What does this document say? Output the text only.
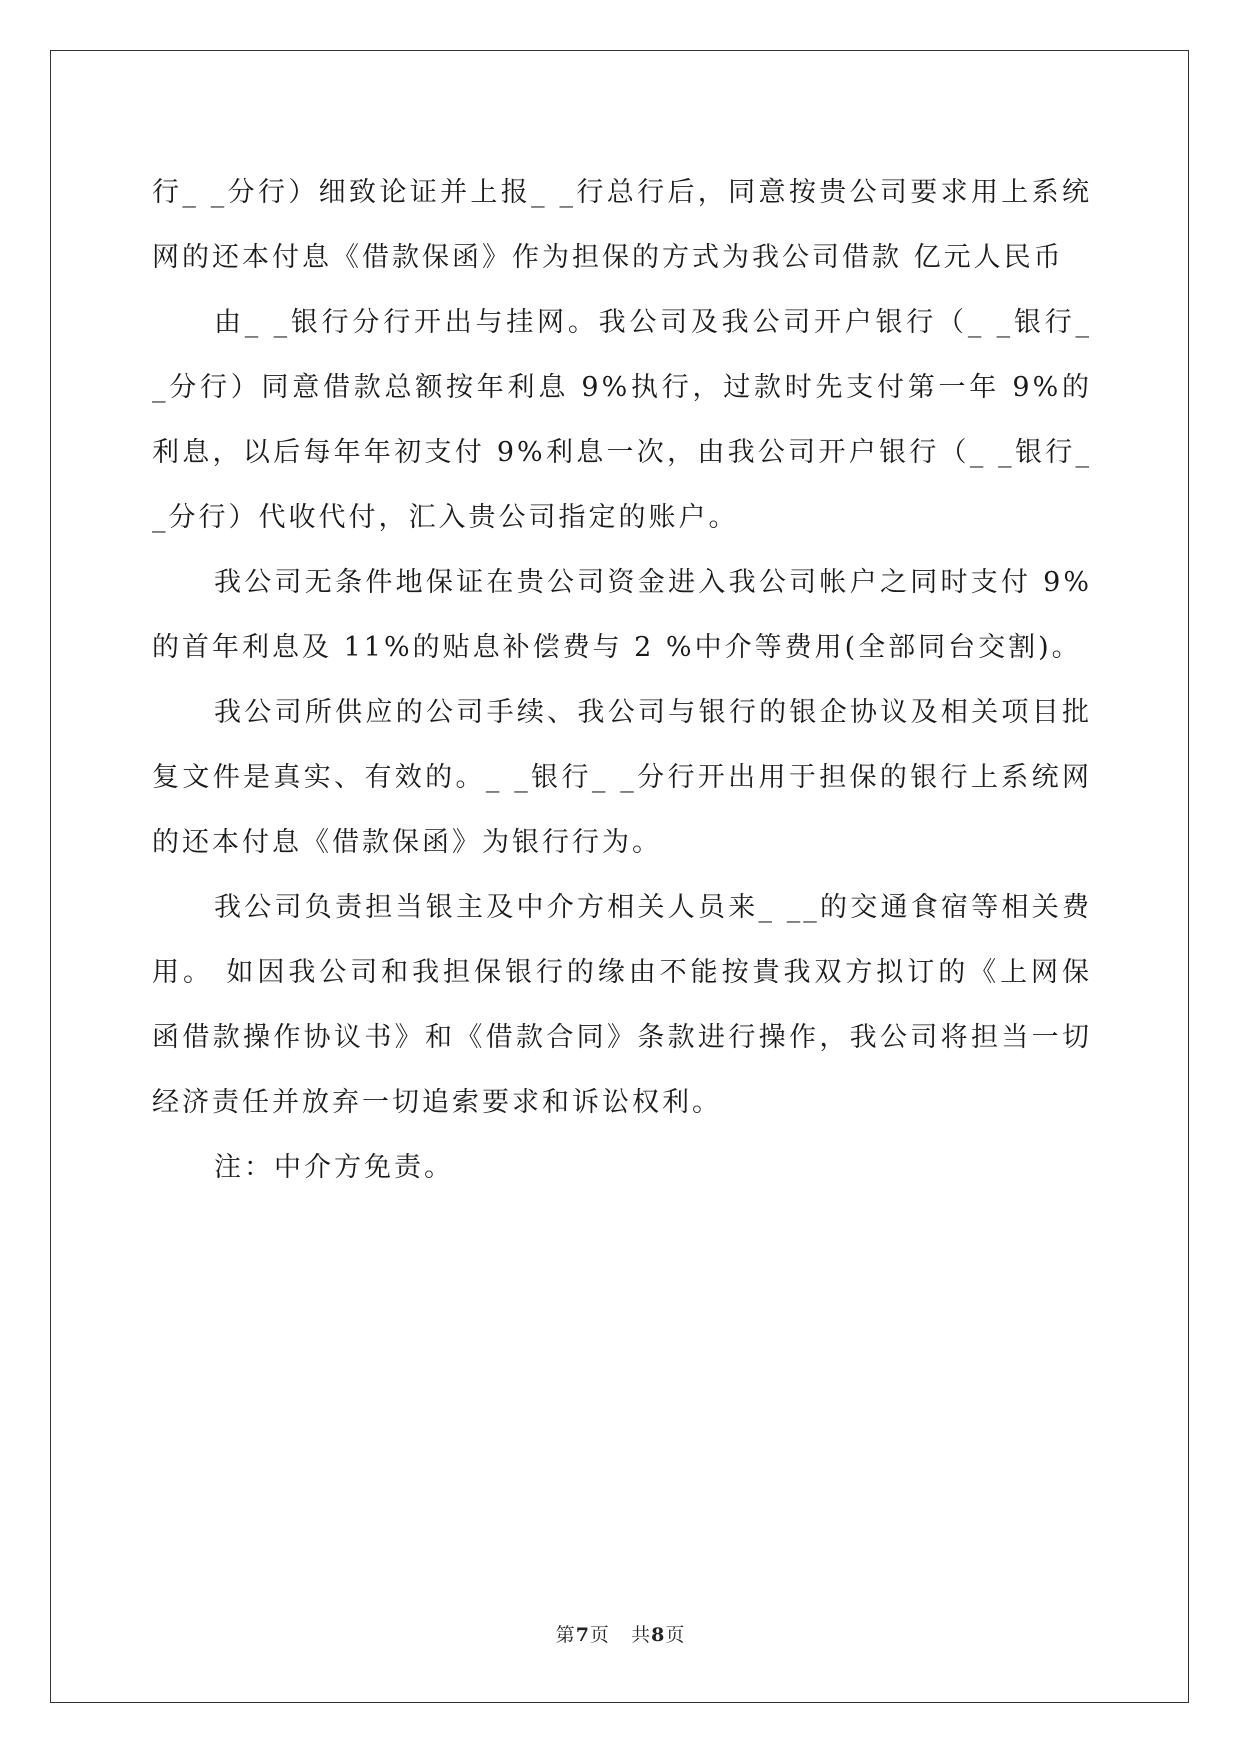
行_ _分行）细致论证并上报_ _行总行后，同意按贵公司要求用上系统网的还本付息《借款保函》作为担保的方式为我公司借款 亿元人民币

由_ _银行分行开出与挂网。我公司及我公司开户银行（_ _银行_ _分行）同意借款总额按年利息 9%执行，过款时先支付第一年 9%的利息，以后每年年初支付 9%利息一次，由我公司开户银行（_ _银行_ _分行）代收代付，汇入贵公司指定的账户。

我公司无条件地保证在贵公司资金进入我公司帐户之同时支付 9%的首年利息及 11%的贴息补偿费与 2 %中介等费用(全部同台交割)。

我公司所供应的公司手续、我公司与银行的银企协议及相关项目批复文件是真实、有效的。_ _银行_ _分行开出用于担保的银行上系统网的还本付息《借款保函》为银行行为。

我公司负责担当银主及中介方相关人员来_ __的交通食宿等相关费用。 如因我公司和我担保银行的缘由不能按貴我双方拟订的《上网保函借款操作协议书》和《借款合同》条款进行操作，我公司将担当一切经济责任并放弃一切追索要求和诉讼权利。

注：中介方免责。

第7页 共8页
